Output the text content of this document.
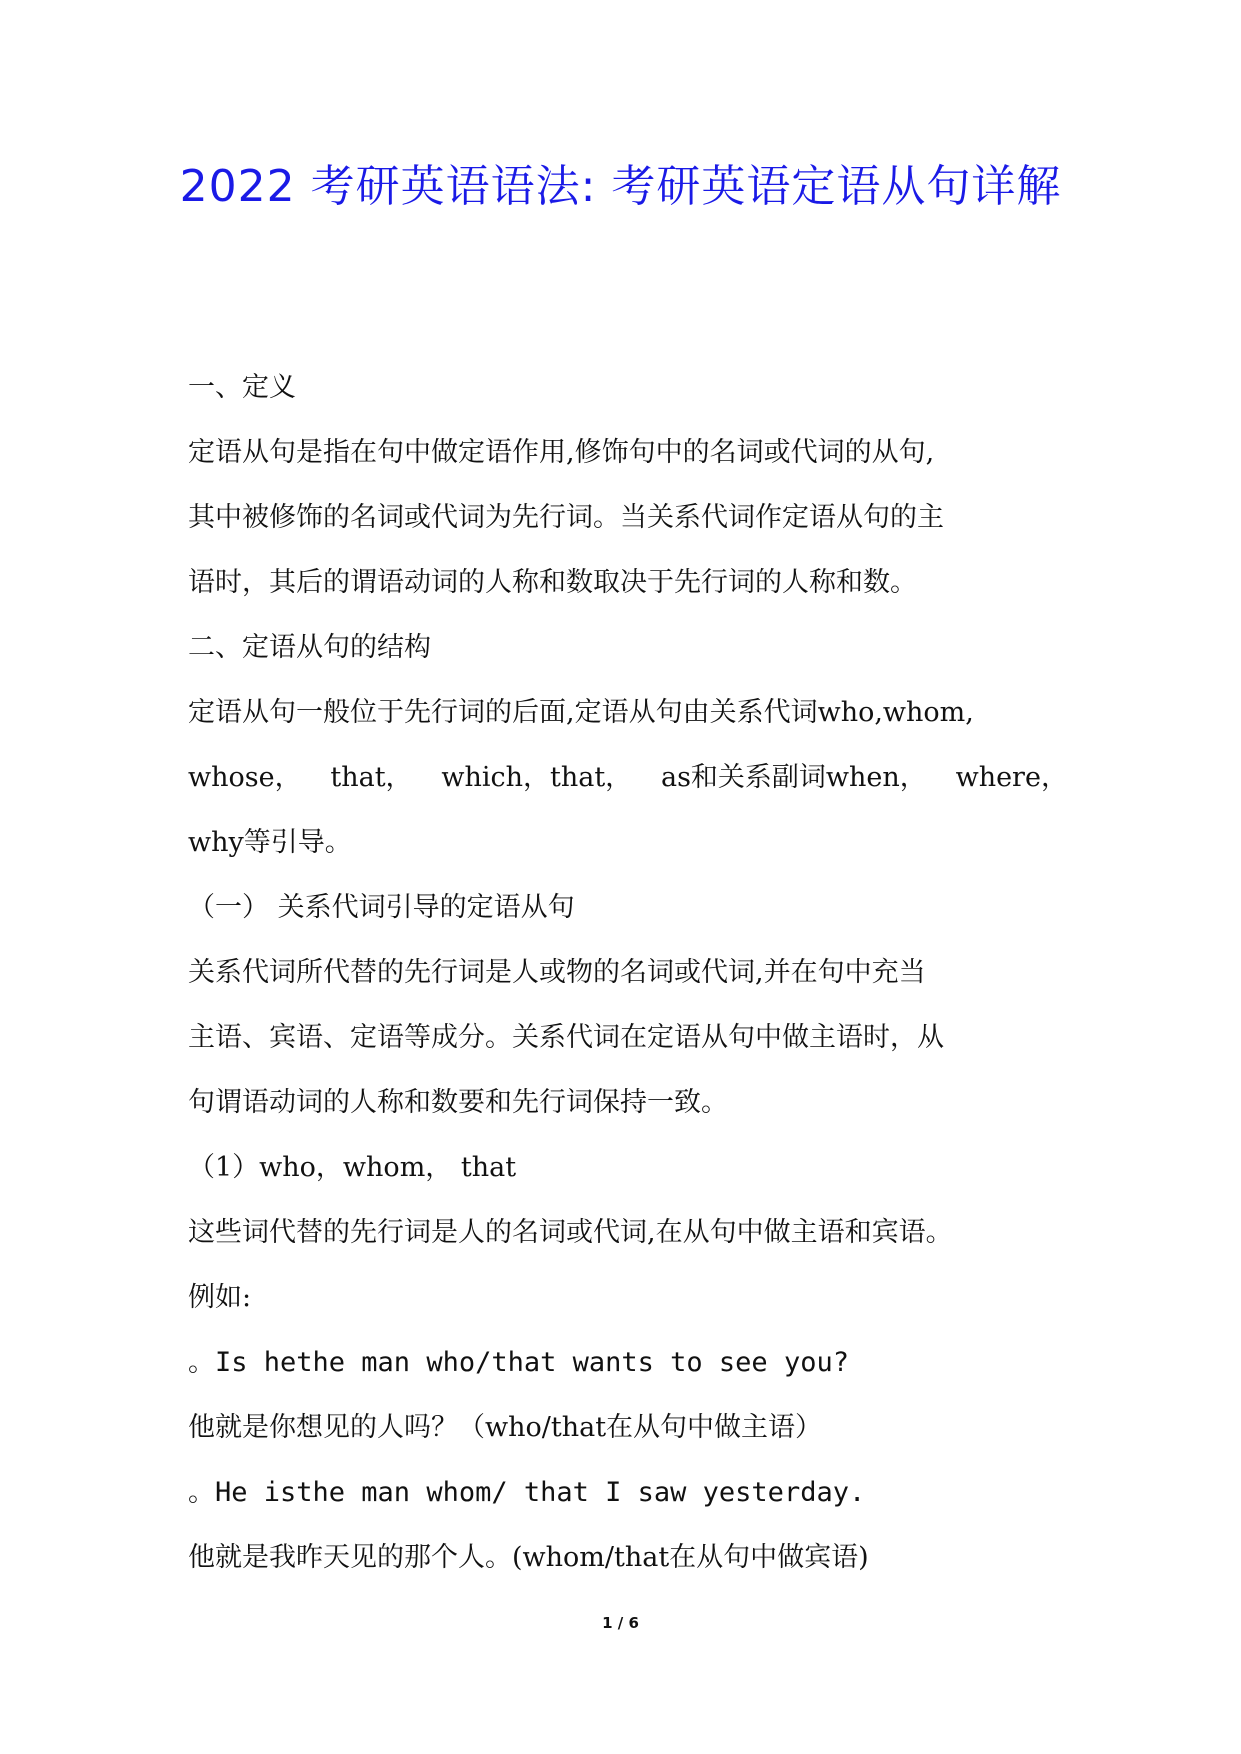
2022 考研英语语法: 考研英语定语从句详解
一、定义
定语从句是指在句中做定语作用,修饰句中的名词或代词的从句,
其中被修饰的名词或代词为先行词。当关系代词作定语从句的主
语时，其后的谓语动词的人称和数取决于先行词的人称和数。
二、定语从句的结构
定语从句一般位于先行词的后面,定语从句由关系代词who,whom,
whose， that， which，that， as和关系副词when， where，
why等引导。
（一） 关系代词引导的定语从句
关系代词所代替的先行词是人或物的名词或代词,并在句中充当
主语、宾语、定语等成分。关系代词在定语从句中做主语时，从
句谓语动词的人称和数要和先行词保持一致。
（1）who，whom， that
这些词代替的先行词是人的名词或代词,在从句中做主语和宾语。
例如:
。Is hethe man who/that wants to see you?
他就是你想见的人吗？（who/that在从句中做主语）
。He isthe man whom/ that I saw yesterday.
他就是我昨天见的那个人。(whom/that在从句中做宾语)
1 / 6
